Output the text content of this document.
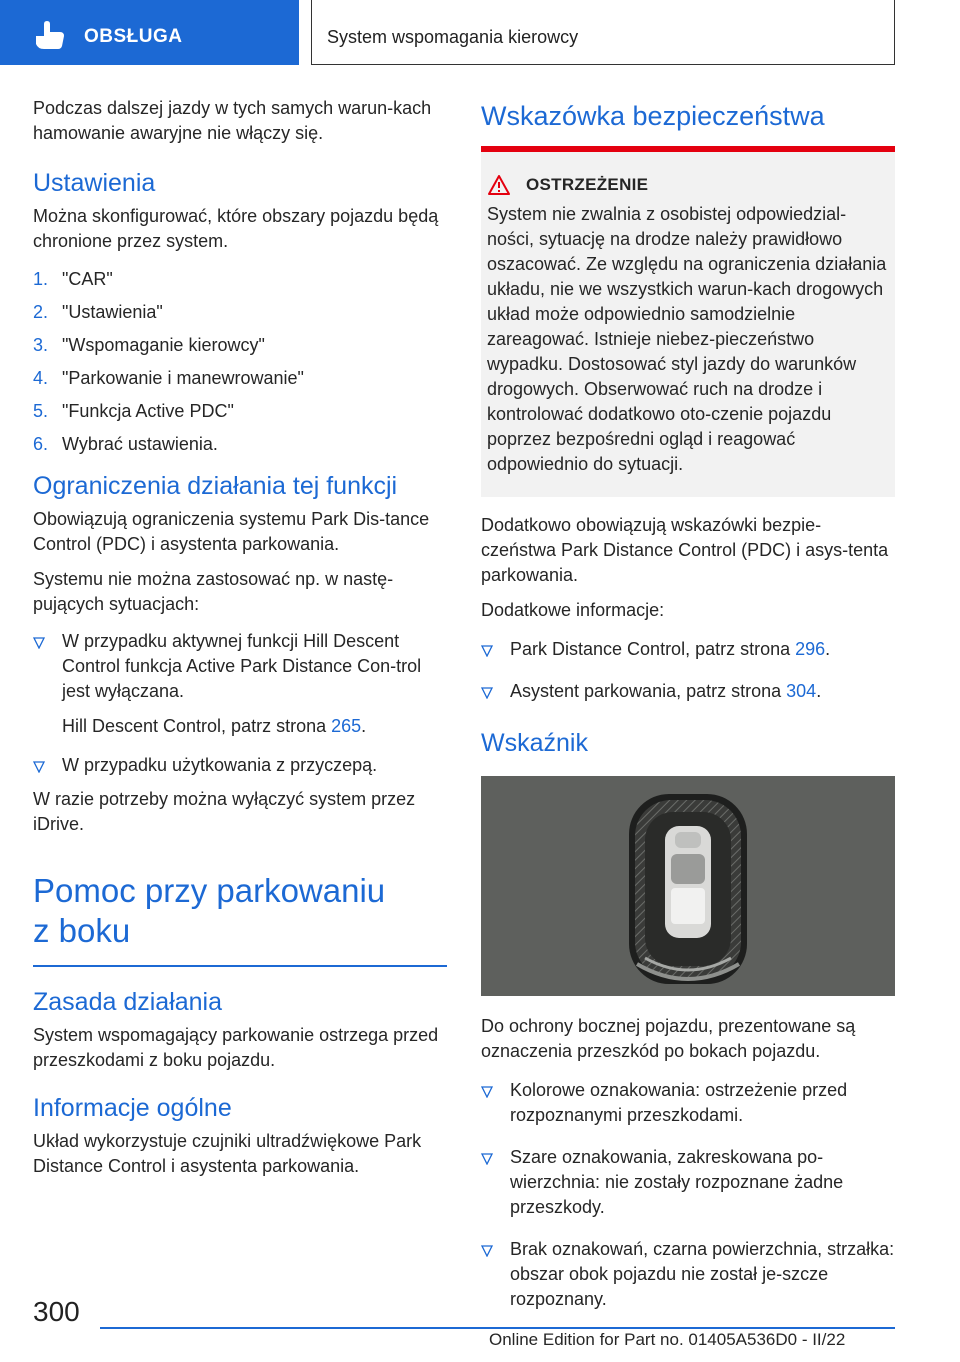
OBSŁUGA	System wspomagania kierowcy

Podczas dalszej jazdy w tych samych warun-kach hamowanie awaryjne nie włączy się.

Ustawienia

Można skonfigurować, które obszary pojazdu będą chronione przez system.

1. "CAR"
2. "Ustawienia"
3. "Wspomaganie kierowcy"
4. "Parkowanie i manewrowanie"
5. "Funkcja Active PDC"
6. Wybrać ustawienia.
Ograniczenia działania tej funkcji

Obowiązują ograniczenia systemu Park Dis-tance Control (PDC) i asystenta parkowania.

Systemu nie można zastosować np. w nastę-pujących sytuacjach:

W przypadku aktywnej funkcji Hill Descent Control funkcja Active Park Distance Con-trol jest wyłączana.
Hill Descent Control, patrz strona 265.
W przypadku użytkowania z przyczepą.

W razie potrzeby można wyłączyć system przez iDrive.

Pomoc przy parkowaniu
z boku
Zasada działania

System wspomagający parkowanie ostrzega przed przeszkodami z boku pojazdu.

Informacje ogólne

Układ wykorzystuje czujniki ultradźwiękowe Park Distance Control i asystenta parkowania.

Wskazówka bezpieczeństwa
OSTRZEŻENIE

System nie zwalnia z osobistej odpowiedzial-ności, sytuację na drodze należy prawidłowo oszacować. Ze względu na ograniczenia działania układu, nie we wszystkich warun-kach drogowych układ może odpowiednio samodzielnie zareagować. Istnieje niebez-pieczeństwo wypadku. Dostosować styl jazdy do warunków drogowych. Obserwować ruch na drodze i kontrolować dodatkowo oto-czenie pojazdu poprzez bezpośredni ogląd i reagować odpowiednio do sytuacji.

Dodatkowo obowiązują wskazówki bezpie-czeństwa Park Distance Control (PDC) i asys-tenta parkowania.

Dodatkowe informacje:

Park Distance Control, patrz strona 296.
Asystent parkowania, patrz strona 304.
Wskaźnik

Do ochrony bocznej pojazdu, prezentowane są oznaczenia przeszkód po bokach pojazdu.

Kolorowe oznakowania: ostrzeżenie przed rozpoznanymi przeszkodami.
Szare oznakowania, zakreskowana po-wierzchnia: nie zostały rozpoznane żadne przeszkody.
Brak oznakowań, czarna powierzchnia, strzałka: obszar obok pojazdu nie został je-szcze rozpoznany.
300
Online Edition for Part no. 01405A536D0 - II/22
